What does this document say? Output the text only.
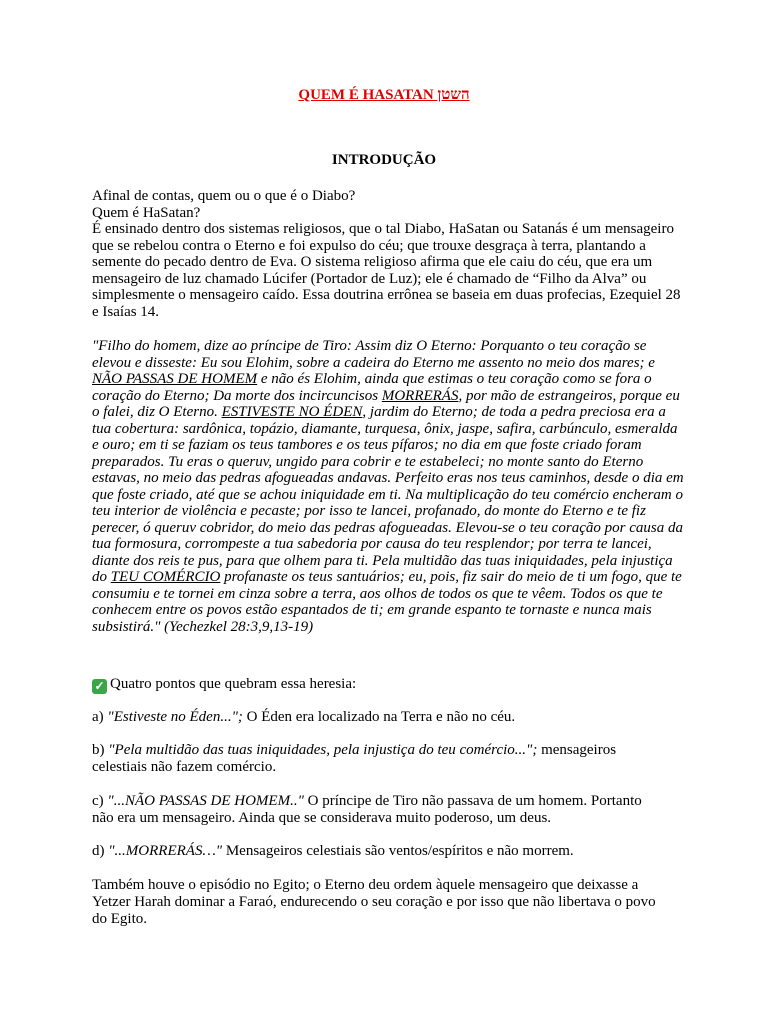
QUEM É HASATAN השטן
INTRODUÇÃO

Afinal de contas, quem ou o que é o Diabo?

Quem é HaSatan?

É ensinado dentro dos sistemas religiosos, que o tal Diabo, HaSatan ou Satanás é um mensageiro que se rebelou contra o Eterno e foi expulso do céu; que trouxe desgraça à terra, plantando a semente do pecado dentro de Eva. O sistema religioso afirma que ele caiu do céu, que era um mensageiro de luz chamado Lúcifer (Portador de Luz); ele é chamado de “Filho da Alva” ou simplesmente o mensageiro caído. Essa doutrina errônea se baseia em duas profecias, Ezequiel 28 e Isaías 14.

"Filho do homem, dize ao príncipe de Tiro: Assim diz O Eterno: Porquanto o teu coração se elevou e disseste: Eu sou Elohim, sobre a cadeira do Eterno me assento no meio dos mares; e NÃO PASSAS DE HOMEM e não és Elohim, ainda que estimas o teu coração como se fora o coração do Eterno; Da morte dos incircuncisos MORRERÁS, por mão de estrangeiros, porque eu o falei, diz O Eterno. ESTIVESTE NO ÉDEN, jardim do Eterno; de toda a pedra preciosa era a tua cobertura: sardônica, topázio, diamante, turquesa, ônix, jaspe, safira, carbúnculo, esmeralda e ouro; em ti se faziam os teus tambores e os teus pífaros; no dia em que foste criado foram preparados. Tu eras o queruv, ungido para cobrir e te estabeleci; no monte santo do Eterno estavas, no meio das pedras afogueadas andavas. Perfeito eras nos teus caminhos, desde o dia em que foste criado, até que se achou iniquidade em ti. Na multiplicação do teu comércio encheram o teu interior de violência e pecaste; por isso te lancei, profanado, do monte do Eterno e te fiz perecer, ó queruv cobridor, do meio das pedras afogueadas. Elevou-se o teu coração por causa da tua formosura, corrompeste a tua sabedoria por causa do teu resplendor; por terra te lancei, diante dos reis te pus, para que olhem para ti. Pela multidão das tuas iniquidades, pela injustiça do TEU COMÉRCIO profanaste os teus santuários; eu, pois, fiz sair do meio de ti um fogo, que te consumiu e te tornei em cinza sobre a terra, aos olhos de todos os que te vêem. Todos os que te conhecem entre os povos estão espantados de ti; em grande espanto te tornaste e nunca mais subsistirá." (Yechezkel 28:3,9,13-19)
✓ Quatro pontos que quebram essa heresia:
a) "Estiveste no Éden..."; O Éden era localizado na Terra e não no céu.
b) "Pela multidão das tuas iniquidades, pela injustiça do teu comércio..."; mensageiros
celestiais não fazem comércio.
c) "...NÃO PASSAS DE HOMEM.." O príncipe de Tiro não passava de um homem. Portanto
não era um mensageiro. Ainda que se considerava muito poderoso, um deus.
d) "...MORRERÁS…" Mensageiros celestiais são ventos/espíritos e não morrem.
Também houve o episódio no Egito; o Eterno deu ordem àquele mensageiro que deixasse a
Yetzer Harah dominar a Faraó, endurecendo o seu coração e por isso que não libertava o povo
do Egito.
